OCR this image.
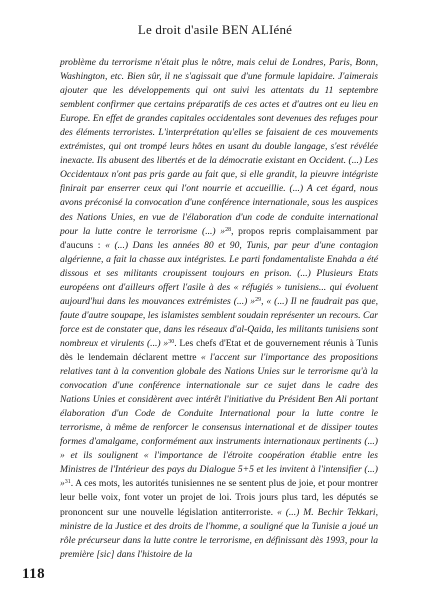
Le droit d'asile BEN ALIéné

problème du terrorisme n'était plus le nôtre, mais celui de Londres, Paris, Bonn, Washington, etc. Bien sûr, il ne s'agissait que d'une formule lapidaire. J'aimerais ajouter que les développements qui ont suivi les attentats du 11 septembre semblent confirmer que certains préparatifs de ces actes et d'autres ont eu lieu en Europe. En effet de grandes capitales occidentales sont devenues des refuges pour des éléments terroristes. L'interprétation qu'elles se faisaient de ces mouvements extrémistes, qui ont trompé leurs hôtes en usant du double langage, s'est révélée inexacte. Ils abusent des libertés et de la démocratie existant en Occident. (...) Les Occidentaux n'ont pas pris garde au fait que, si elle grandit, la pieuvre intégriste finirait par enserrer ceux qui l'ont nourrie et accueillie. (...) A cet égard, nous avons préconisé la convocation d'une conférence internationale, sous les auspices des Nations Unies, en vue de l'élaboration d'un code de conduite international pour la lutte contre le terrorisme (...) »$^{28}$, propos repris complaisamment par d'aucuns : « (...) Dans les années 80 et 90, Tunis, par peur d'une contagion algérienne, a fait la chasse aux intégristes. Le parti fondamentaliste Enahda a été dissous et ses militants croupissent toujours en prison. (...) Plusieurs Etats européens ont d'ailleurs offert l'asile à des « réfugiés » tunisiens... qui évoluent aujourd'hui dans les mouvances extrémistes (...) »$^{29}$, « (...) Il ne faudrait pas que, faute d'autre soupape, les islamistes semblent soudain représenter un recours. Car force est de constater que, dans les réseaux d'al-Qaida, les militants tunisiens sont nombreux et virulents (...) »$^{30}$. Les chefs d'Etat et de gouvernement réunis à Tunis dès le lendemain déclarent mettre « l'accent sur l'importance des propositions relatives tant à la convention globale des Nations Unies sur le terrorisme qu'à la convocation d'une conférence internationale sur ce sujet dans le cadre des Nations Unies et considèrent avec intérêt l'initiative du Président Ben Ali portant élaboration d'un Code de Conduite International pour la lutte contre le terrorisme, à même de renforcer le consensus international et de dissiper toutes formes d'amalgame, conformément aux instruments internationaux pertinents (...) » et ils soulignent « l'importance de l'étroite coopération établie entre les Ministres de l'Intérieur des pays du Dialogue 5+5 et les invitent à l'intensifier (...) »$^{31}$. A ces mots, les autorités tunisiennes ne se sentent plus de joie, et pour montrer leur belle voix, font voter un projet de loi. Trois jours plus tard, les députés se prononcent sur une nouvelle législation antiterroriste. « (...) M. Bechir Tekkari, ministre de la Justice et des droits de l'homme, a souligné que la Tunisie a joué un rôle précurseur dans la lutte contre le terrorisme, en définissant dès 1993, pour la première [sic] dans l'histoire de la

118
